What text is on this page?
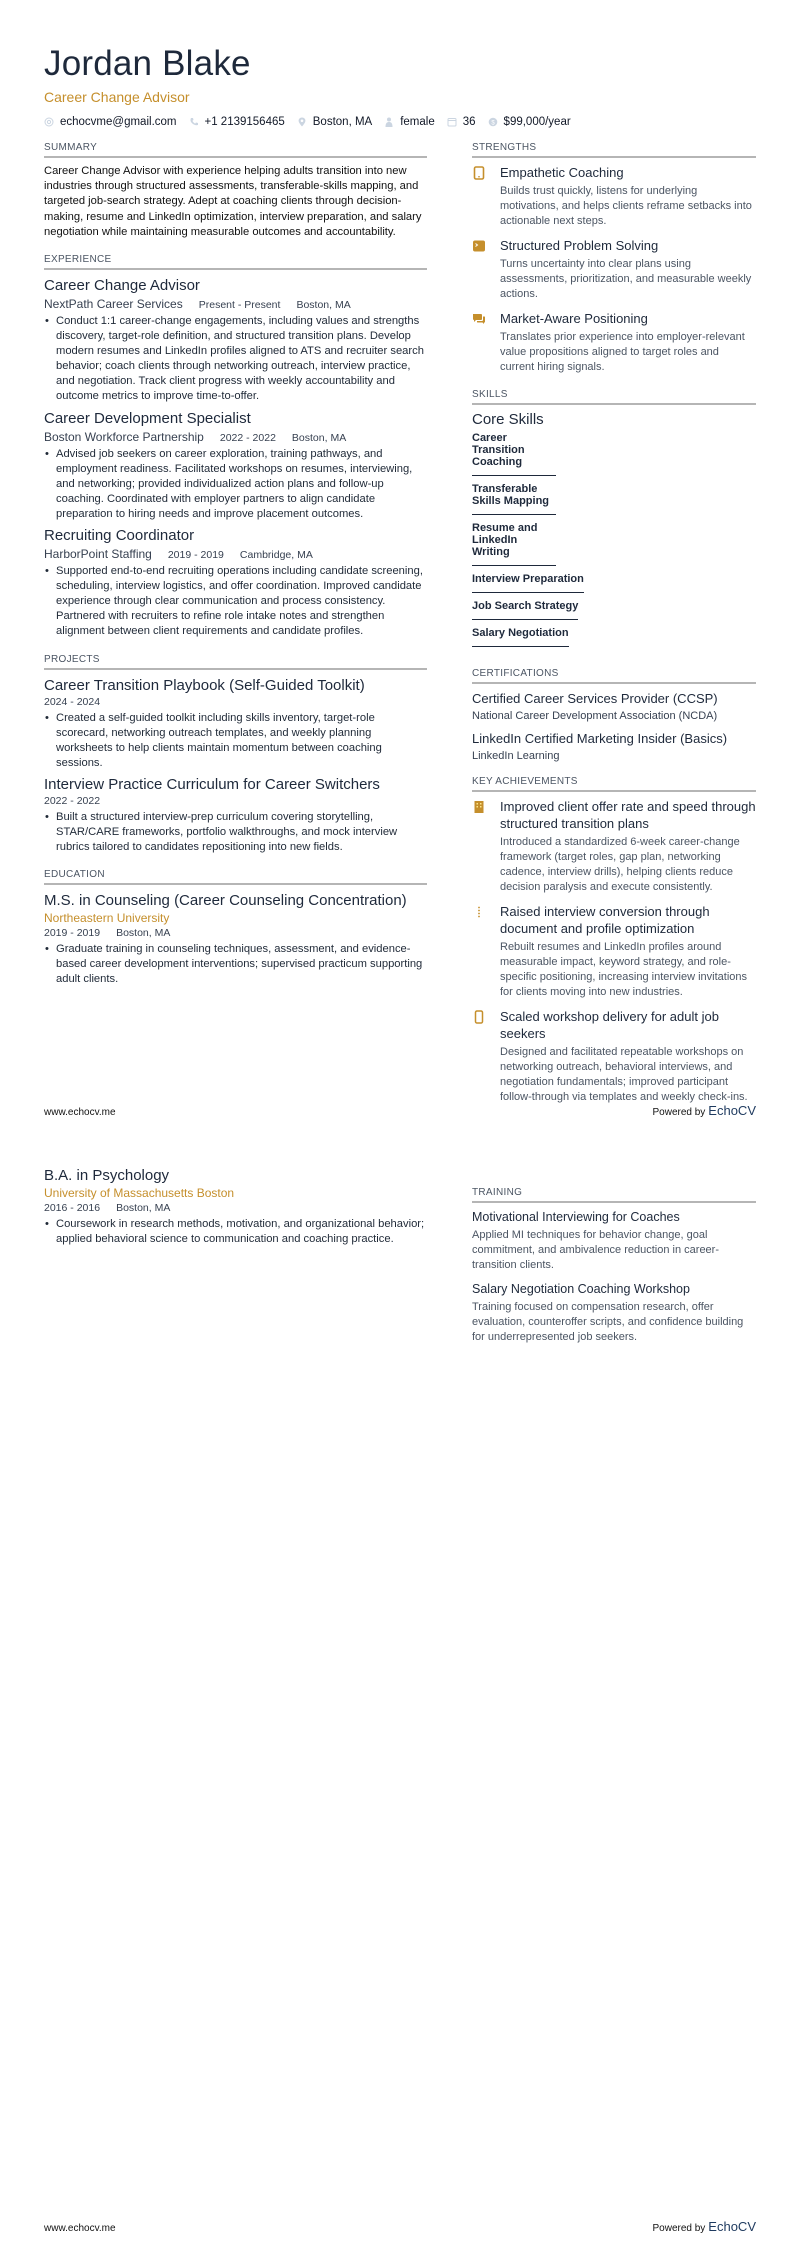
Jordan Blake
Career Change Advisor
echocvme@gmail.com +1 2139156465 Boston, MA female 36	$ $99,000/year
SUMMARY
Career Change Advisor with experience helping adults transition into new industries through structured assessments, transferable-skills mapping, and targeted job-search strategy. Adept at coaching clients through decision-making, resume and LinkedIn optimization, interview preparation, and salary negotiation while maintaining measurable outcomes and accountability.
EXPERIENCE
Career Change Advisor
NextPath Career Services Present - Present Boston, MA
• Conduct 1:1 career-change engagements, including values and strengths discovery, target-role definition, and structured transition plans. Develop modern resumes and LinkedIn profiles aligned to ATS and recruiter search behavior; coach clients through networking outreach, interview practice, and negotiation. Track client progress with weekly accountability and outcome metrics to improve time-to-offer.
Career Development Specialist
Boston Workforce Partnership 2022 - 2022 Boston, MA
• Advised job seekers on career exploration, training pathways, and employment readiness. Facilitated workshops on resumes, interviewing, and networking; provided individualized action plans and follow-up coaching. Coordinated with employer partners to align candidate preparation to hiring needs and improve placement outcomes.
Recruiting Coordinator
HarborPoint Staffing 2019 - 2019 Cambridge, MA
• Supported end-to-end recruiting operations including candidate screening, scheduling, interview logistics, and offer coordination. Improved candidate experience through clear communication and process consistency. Partnered with recruiters to refine role intake notes and strengthen alignment between client requirements and candidate profiles.
PROJECTS
Career Transition Playbook (Self-Guided Toolkit)
2024 - 2024
• Created a self-guided toolkit including skills inventory, target-role scorecard, networking outreach templates, and weekly planning worksheets to help clients maintain momentum between coaching sessions.
Interview Practice Curriculum for Career Switchers
2022 - 2022
• Built a structured interview-prep curriculum covering storytelling, STAR/CARE frameworks, portfolio walkthroughs, and mock interview rubrics tailored to candidates repositioning into new fields.
EDUCATION
M.S. in Counseling (Career Counseling Concentration)
Northeastern University
2019 - 2019 Boston, MA
• Graduate training in counseling techniques, assessment, and evidence-based career development interventions; supervised practicum supporting adult clients.
STRENGTHS
Empathetic Coaching
Builds trust quickly, listens for underlying motivations, and helps clients reframe setbacks into actionable next steps.
Structured Problem Solving
Turns uncertainty into clear plans using assessments, prioritization, and measurable weekly actions.
Market-Aware Positioning
Translates prior experience into employer-relevant value propositions aligned to target roles and current hiring signals.
SKILLS
Core Skills
Career Transition Coaching
Transferable Skills Mapping
Resume and LinkedIn Writing
Interview Preparation
Job Search Strategy
Salary Negotiation
CERTIFICATIONS
Certified Career Services Provider (CCSP)
National Career Development Association (NCDA)
LinkedIn Certified Marketing Insider (Basics)
LinkedIn Learning
KEY ACHIEVEMENTS
Improved client offer rate and speed through structured transition plans
Introduced a standardized 6-week career-change framework (target roles, gap plan, networking cadence, interview drills), helping clients reduce decision paralysis and execute consistently.
Raised interview conversion through document and profile optimization
Rebuilt resumes and LinkedIn profiles around measurable impact, keyword strategy, and role-specific positioning, increasing interview invitations for clients moving into new industries.
Scaled workshop delivery for adult job seekers
Designed and facilitated repeatable workshops on networking outreach, behavioral interviews, and negotiation fundamentals; improved participant follow-through via templates and weekly check-ins.
www.echocv.me	Powered by EchoCV
B.A. in Psychology
University of Massachusetts Boston
2016 - 2016 Boston, MA
• Coursework in research methods, motivation, and organizational behavior; applied behavioral science to communication and coaching practice.
TRAINING
Motivational Interviewing for Coaches
Applied MI techniques for behavior change, goal commitment, and ambivalence reduction in career-transition clients.
Salary Negotiation Coaching Workshop
Training focused on compensation research, offer evaluation, counteroffer scripts, and confidence building for underrepresented job seekers.
www.echocv.me	Powered by EchoCV
